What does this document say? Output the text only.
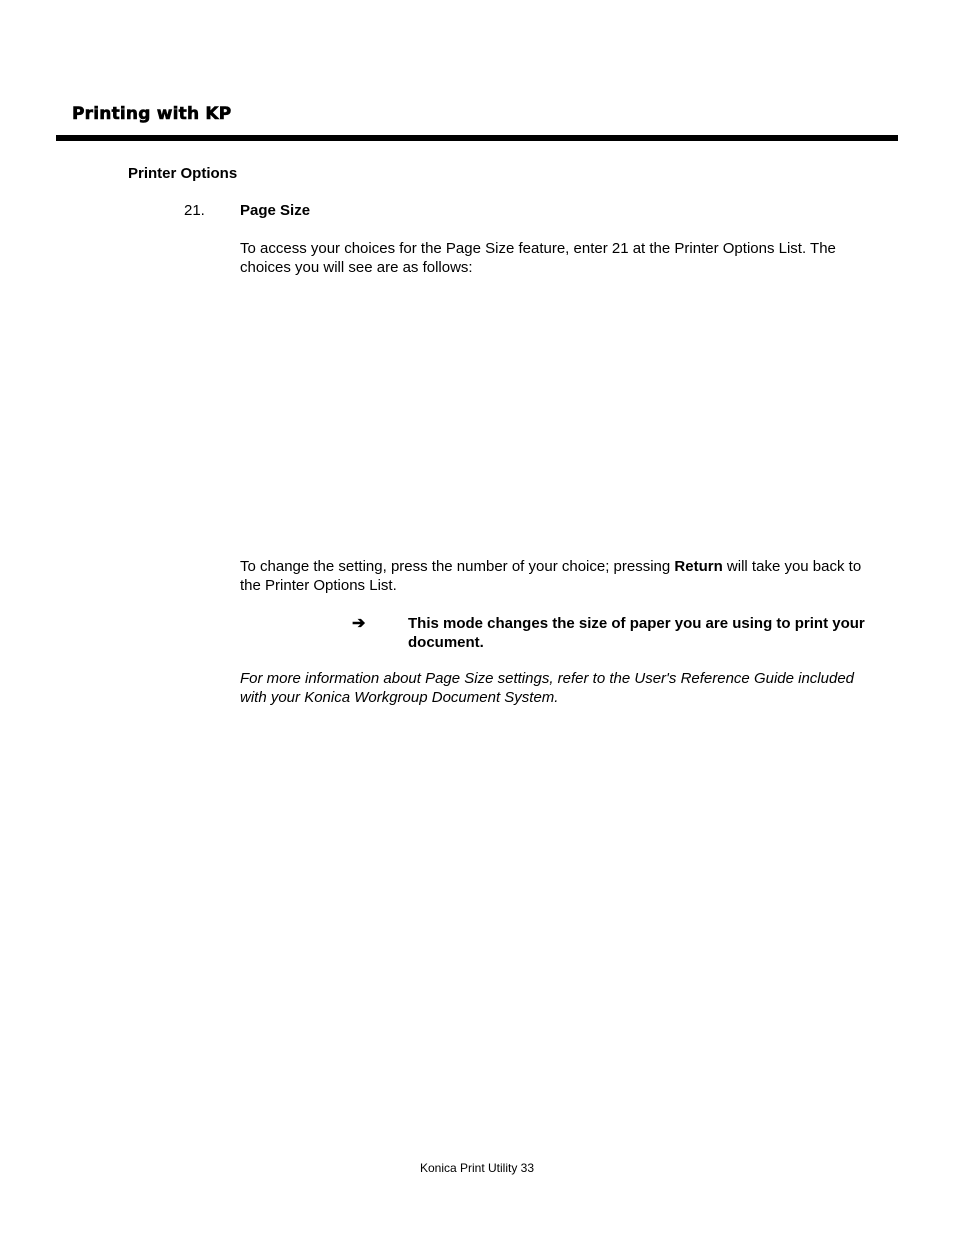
Printing with KP
Printer Options
21. Page Size

To access your choices for the Page Size feature, enter 21 at the Printer Options List. The choices you will see are as follows:

To change the setting, press the number of your choice; pressing Return will take you back to the Printer Options List.

➔	This mode changes the size of paper you are using to print your document.

For more information about Page Size settings, refer to the User's Reference Guide included with your Konica Workgroup Document System.

Konica Print Utility 33
